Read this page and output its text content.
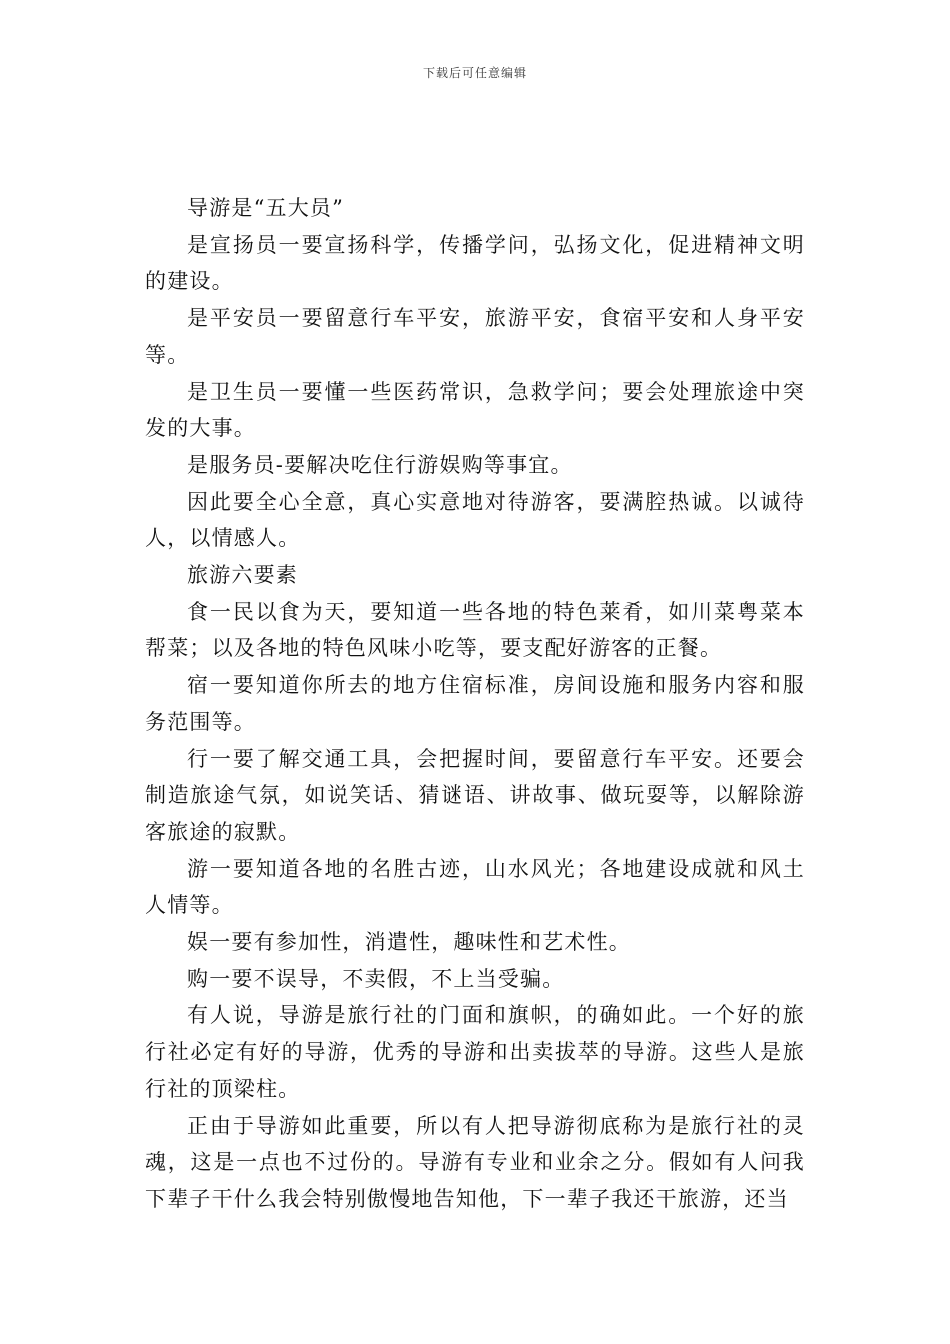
下载后可任意编辑

导游是“五大员”

是宣扬员一要宣扬科学，传播学问，弘扬文化，促进精神文明的建设。

是平安员一要留意行车平安，旅游平安，食宿平安和人身平安等。

是卫生员一要懂一些医药常识，急救学问；要会处理旅途中突发的大事。

是服务员-要解决吃住行游娱购等事宜。

因此要全心全意，真心实意地对待游客，要满腔热诚。以诚待人，以情感人。

旅游六要素

食一民以食为天，要知道一些各地的特色莱肴，如川菜粤菜本帮菜；以及各地的特色风味小吃等，要支配好游客的正餐。

宿一要知道你所去的地方住宿标准，房间设施和服务内容和服务范围等。

行一要了解交通工具，会把握时间，要留意行车平安。还要会制造旅途气氛，如说笑话、猜谜语、讲故事、做玩耍等，以解除游客旅途的寂默。

游一要知道各地的名胜古迹，山水风光；各地建设成就和风土人情等。

娱一要有参加性，消遣性，趣味性和艺术性。

购一要不误导，不卖假，不上当受骗。

有人说，导游是旅行社的门面和旗帜，的确如此。一个好的旅行社必定有好的导游，优秀的导游和出卖拔萃的导游。这些人是旅行社的顶梁柱。

正由于导游如此重要，所以有人把导游彻底称为是旅行社的灵魂，这是一点也不过份的。导游有专业和业余之分。假如有人问我下辈子干什么我会特别傲慢地告知他，下一辈子我还干旅游，还当
